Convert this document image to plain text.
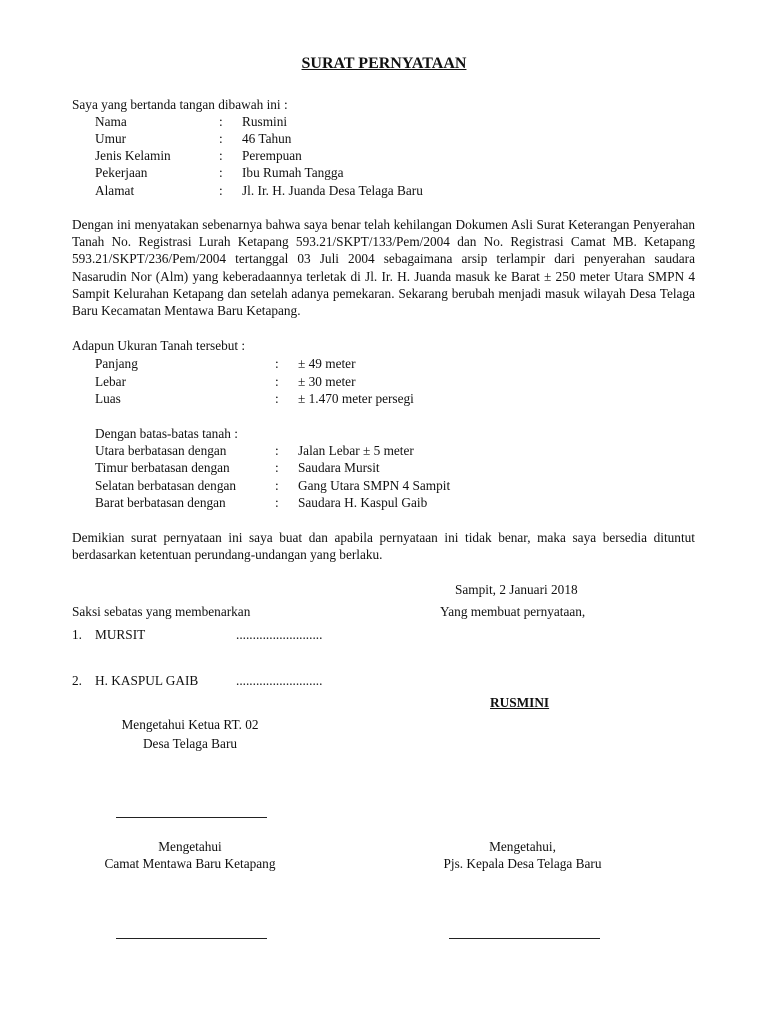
SURAT PERNYATAAN
Saya yang bertanda tangan dibawah ini :
Nama	: Rusmini
Umur	: 46 Tahun
Jenis Kelamin	: Perempuan
Pekerjaan	: Ibu Rumah Tangga
Alamat	: Jl. Ir. H. Juanda Desa Telaga Baru
Dengan ini menyatakan sebenarnya bahwa saya benar telah kehilangan Dokumen Asli Surat Keterangan Penyerahan Tanah No. Registrasi Lurah Ketapang 593.21/SKPT/133/Pem/2004 dan No. Registrasi Camat MB. Ketapang 593.21/SKPT/236/Pem/2004 tertanggal 03 Juli 2004 sebagaimana arsip terlampir dari penyerahan saudara Nasarudin Nor (Alm) yang keberadaannya terletak di Jl. Ir. H. Juanda masuk ke Barat ± 250 meter Utara SMPN 4 Sampit Kelurahan Ketapang dan setelah adanya pemekaran. Sekarang berubah menjadi masuk wilayah Desa Telaga Baru Kecamatan Mentawa Baru Ketapang.
Adapun Ukuran Tanah tersebut :
Panjang	: ± 49 meter
Lebar	: ± 30 meter
Luas	: ± 1.470 meter persegi
Dengan batas-batas tanah :
Utara berbatasan dengan	: Jalan Lebar ± 5 meter
Timur berbatasan dengan	: Saudara Mursit
Selatan berbatasan dengan	: Gang Utara SMPN 4 Sampit
Barat berbatasan dengan	: Saudara H. Kaspul Gaib
Demikian surat pernyataan ini saya buat dan apabila pernyataan ini tidak benar, maka saya bersedia dituntut berdasarkan ketentuan perundang-undangan yang berlaku.
Sampit, 2 Januari 2018
Saksi sebatas yang membenarkan	Yang membuat pernyataan,
1. MURSIT	..........................
2. H. KASPUL GAIB	..........................
RUSMINI
Mengetahui Ketua RT. 02
Desa Telaga Baru
Mengetahui
Camat Mentawa Baru Ketapang
Mengetahui,
Pjs. Kepala Desa Telaga Baru
